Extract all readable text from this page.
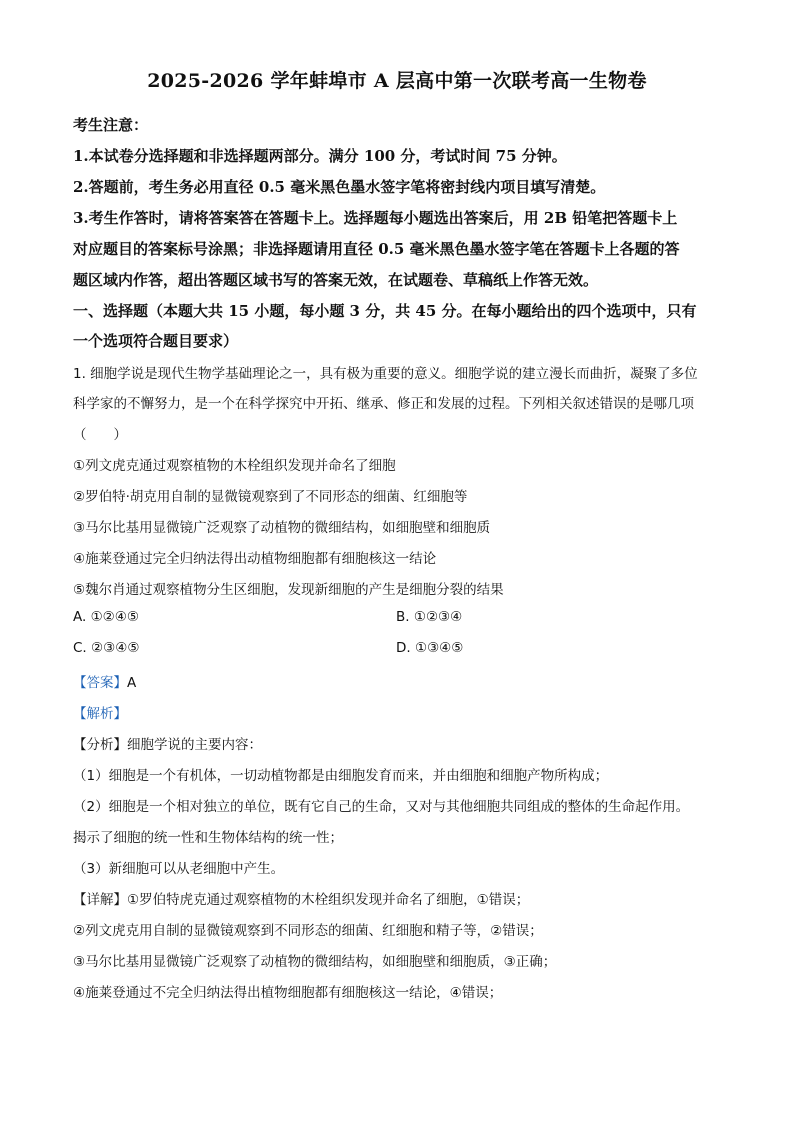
2025-2026 学年蚌埠市 A 层高中第一次联考高一生物卷
考生注意：
1.本试卷分选择题和非选择题两部分。满分 100 分，考试时间 75 分钟。
2.答题前，考生务必用直径 0.5 毫米黑色墨水签字笔将密封线内项目填写清楚。
3.考生作答时，请将答案答在答题卡上。选择题每小题选出答案后，用 2B 铅笔把答题卡上
对应题目的答案标号涂黑；非选择题请用直径 0.5 毫米黑色墨水签字笔在答题卡上各题的答
题区域内作答，超出答题区域书写的答案无效，在试题卷、草稿纸上作答无效。
一、选择题（本题大共 15 小题，每小题 3 分，共 45 分。在每小题给出的四个选项中，只有
一个选项符合题目要求）
1. 细胞学说是现代生物学基础理论之一，具有极为重要的意义。细胞学说的建立漫长而曲折，凝聚了多位
科学家的不懈努力，是一个在科学探究中开拓、继承、修正和发展的过程。下列相关叙述错误的是哪几项
（　　）
①列文虎克通过观察植物的木栓组织发现并命名了细胞
②罗伯特·胡克用自制的显微镜观察到了不同形态的细菌、红细胞等
③马尔比基用显微镜广泛观察了动植物的微细结构，如细胞壁和细胞质
④施莱登通过完全归纳法得出动植物细胞都有细胞核这一结论
⑤魏尔肖通过观察植物分生区细胞，发现新细胞的产生是细胞分裂的结果
A. ①②④⑤	B. ①②③④
C. ②③④⑤	D. ①③④⑤
【答案】A
【解析】
【分析】细胞学说的主要内容：
（1）细胞是一个有机体，一切动植物都是由细胞发育而来，并由细胞和细胞产物所构成；
（2）细胞是一个相对独立的单位，既有它自己的生命，又对与其他细胞共同组成的整体的生命起作用。
揭示了细胞的统一性和生物体结构的统一性；
（3）新细胞可以从老细胞中产生。
【详解】①罗伯特虎克通过观察植物的木栓组织发现并命名了细胞，①错误；
②列文虎克用自制的显微镜观察到不同形态的细菌、红细胞和精子等，②错误；
③马尔比基用显微镜广泛观察了动植物的微细结构，如细胞壁和细胞质，③正确；
④施莱登通过不完全归纳法得出植物细胞都有细胞核这一结论，④错误；
